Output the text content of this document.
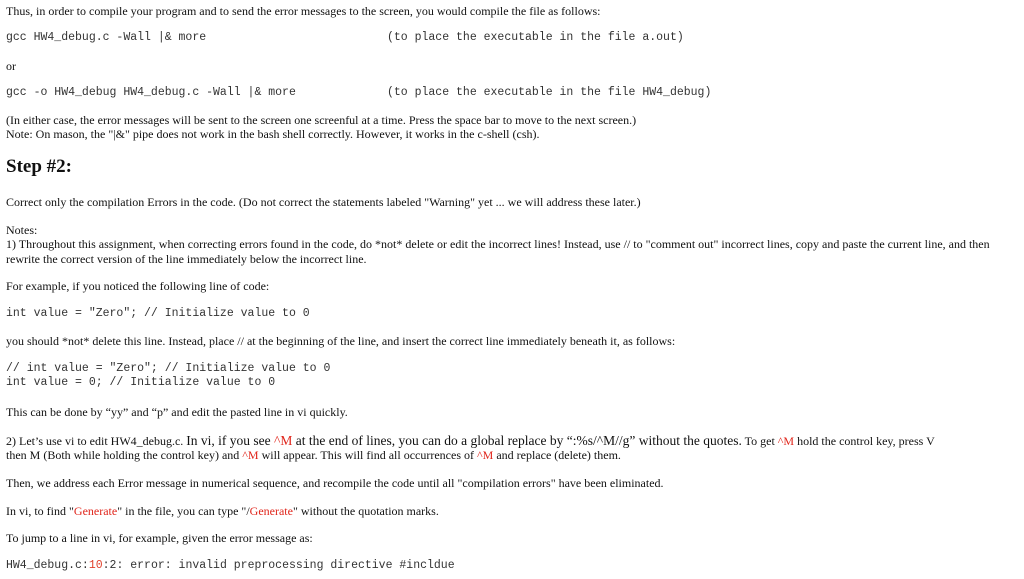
Thus, in order to compile your program and to send the error messages to the screen, you would compile the file as follows:
gcc HW4_debug.c -Wall |& more	(to place the executable in the file a.out)
or
gcc -o HW4_debug HW4_debug.c -Wall |& more	(to place the executable in the file HW4_debug)
(In either case, the error messages will be sent to the screen one screenful at a time. Press the space bar to move to the next screen.)
Note: On mason, the "|&" pipe does not work in the bash shell correctly. However, it works in the c-shell (csh).
Step #2:
Correct only the compilation Errors in the code. (Do not correct the statements labeled "Warning" yet ... we will address these later.)
Notes:
1) Throughout this assignment, when correcting errors found in the code, do *not* delete or edit the incorrect lines! Instead, use // to "comment out" incorrect lines, copy and paste the current line, and then rewrite the correct version of the line immediately below the incorrect line.
For example, if you noticed the following line of code:
int value = "Zero"; // Initialize value to 0
you should *not* delete this line. Instead, place // at the beginning of the line, and insert the correct line immediately beneath it, as follows:
// int value = "Zero"; // Initialize value to 0
int value = 0; // Initialize value to 0
This can be done by “yy” and “p” and edit the pasted line in vi quickly.
2) Let’s use vi to edit HW4_debug.c. In vi, if you see ^M at the end of lines, you can do a global replace by “:%s/^M//g” without the quotes. To get ^M hold the control key, press V
then M (Both while holding the control key) and ^M will appear. This will find all occurrences of ^M and replace (delete) them.
Then, we address each Error message in numerical sequence, and recompile the code until all "compilation errors" have been eliminated.
In vi, to find "Generate" in the file, you can type "/Generate" without the quotation marks.
To jump to a line in vi, for example, given the error message as:
HW4_debug.c:10:2: error: invalid preprocessing directive #incldue
